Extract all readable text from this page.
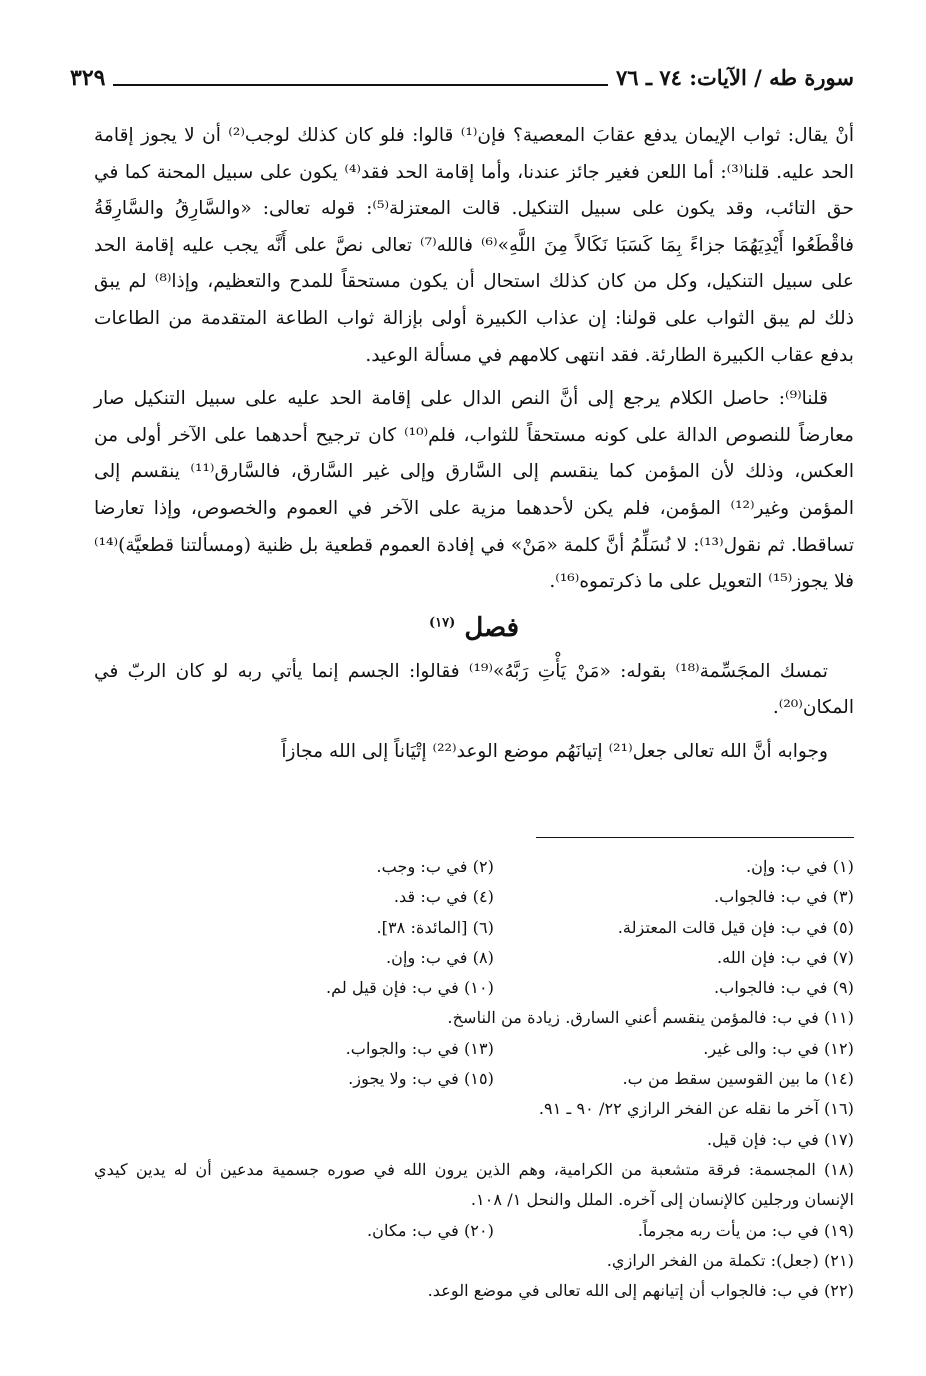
سورة طه / الآيات: ٧٤ ـ ٧٦
٣٢٩

أنْ يقال: ثواب الإيمان يدفع عقابَ المعصية؟ فإن⁽¹⁾ قالوا: فلو كان كذلك لوجب⁽²⁾ أن لا يجوز إقامة الحد عليه. قلنا⁽³⁾: أما اللعن فغير جائز عندنا، وأما إقامة الحد فقد⁽⁴⁾ يكون على سبيل المحنة كما في حق التائب، وقد يكون على سبيل التنكيل. قالت المعتزلة⁽⁵⁾: قوله تعالى: «والسَّارِقُ والسَّارِقَةُ فاقْطَعُوا أَيْدِيَهُمَا جزاءً بِمَا كَسَبَا نَكَالاً مِنَ اللَّهِ»⁽⁶⁾ فالله⁽⁷⁾ تعالى نصَّ على أَنَّه يجب عليه إقامة الحد على سبيل التنكيل، وكل من كان كذلك استحال أن يكون مستحقاً للمدح والتعظيم، وإذا⁽⁸⁾ لم يبق ذلك لم يبق الثواب على قولنا: إن عذاب الكبيرة أولى بإزالة ثواب الطاعة المتقدمة من الطاعات بدفع عقاب الكبيرة الطارئة. فقد انتهى كلامهم في مسألة الوعيد.

قلنا⁽⁹⁾: حاصل الكلام يرجع إلى أنَّ النص الدال على إقامة الحد عليه على سبيل التنكيل صار معارضاً للنصوص الدالة على كونه مستحقاً للثواب، فلم⁽¹⁰⁾ كان ترجيح أحدهما على الآخر أولى من العكس، وذلك لأن المؤمن كما ينقسم إلى السَّارق وإلى غير السَّارق، فالسَّارق⁽¹¹⁾ ينقسم إلى المؤمن وغير⁽¹²⁾ المؤمن، فلم يكن لأحدهما مزية على الآخر في العموم والخصوص، وإذا تعارضا تساقطا. ثم نقول⁽¹³⁾: لا نُسَلِّمُ أنَّ كلمة «مَنْ» في إفادة العموم قطعية بل ظنية (ومسألتنا قطعيَّة)⁽¹⁴⁾ فلا يجوز⁽¹⁵⁾ التعويل على ما ذكرتموه⁽¹⁶⁾.

فصل $^{(١٧)}$

تمسك المجَسِّمة⁽¹⁸⁾ بقوله: «مَنْ يَأْتِ رَبَّهُ»⁽¹⁹⁾ فقالوا: الجسم إنما يأتي ربه لو كان الربّ في المكان⁽²⁰⁾.

وجوابه أنَّ الله تعالى جعل⁽²¹⁾ إتيانَهُم موضع الوعد⁽²²⁾ إتْيَاناً إلى الله مجازاً

(١) في ب: وإن.
(٢) في ب: وجب.
(٣) في ب: فالجواب.
(٤) في ب: قد.
(٥) في ب: فإن قيل قالت المعتزلة.
(٦) [المائدة: ٣٨].
(٧) في ب: فإن الله.
(٨) في ب: وإن.
(٩) في ب: فالجواب.
(١٠) في ب: فإن قيل لم.
(١١) في ب: فالمؤمن ينقسم أعني السارق. زيادة من الناسخ.
(١٢) في ب: والى غير.
(١٣) في ب: والجواب.
(١٤) ما بين القوسين سقط من ب.
(١٥) في ب: ولا يجوز.
(١٦) آخر ما نقله عن الفخر الرازي ٢٢/ ٩٠ ـ ٩١.
(١٧) في ب: فإن قيل.
(١٨) المجسمة: فرقة متشعبة من الكرامية، وهم الذين يرون الله في صوره جسمية مدعين أن له يدين كيدي الإنسان ورجلين كالإنسان إلى آخره. الملل والنحل ١/ ١٠٨.
(١٩) في ب: من يأت ربه مجرماً.
(٢٠) في ب: مكان.
(٢١) (جعل): تكملة من الفخر الرازي.
(٢٢) في ب: فالجواب أن إتيانهم إلى الله تعالى في موضع الوعد.
